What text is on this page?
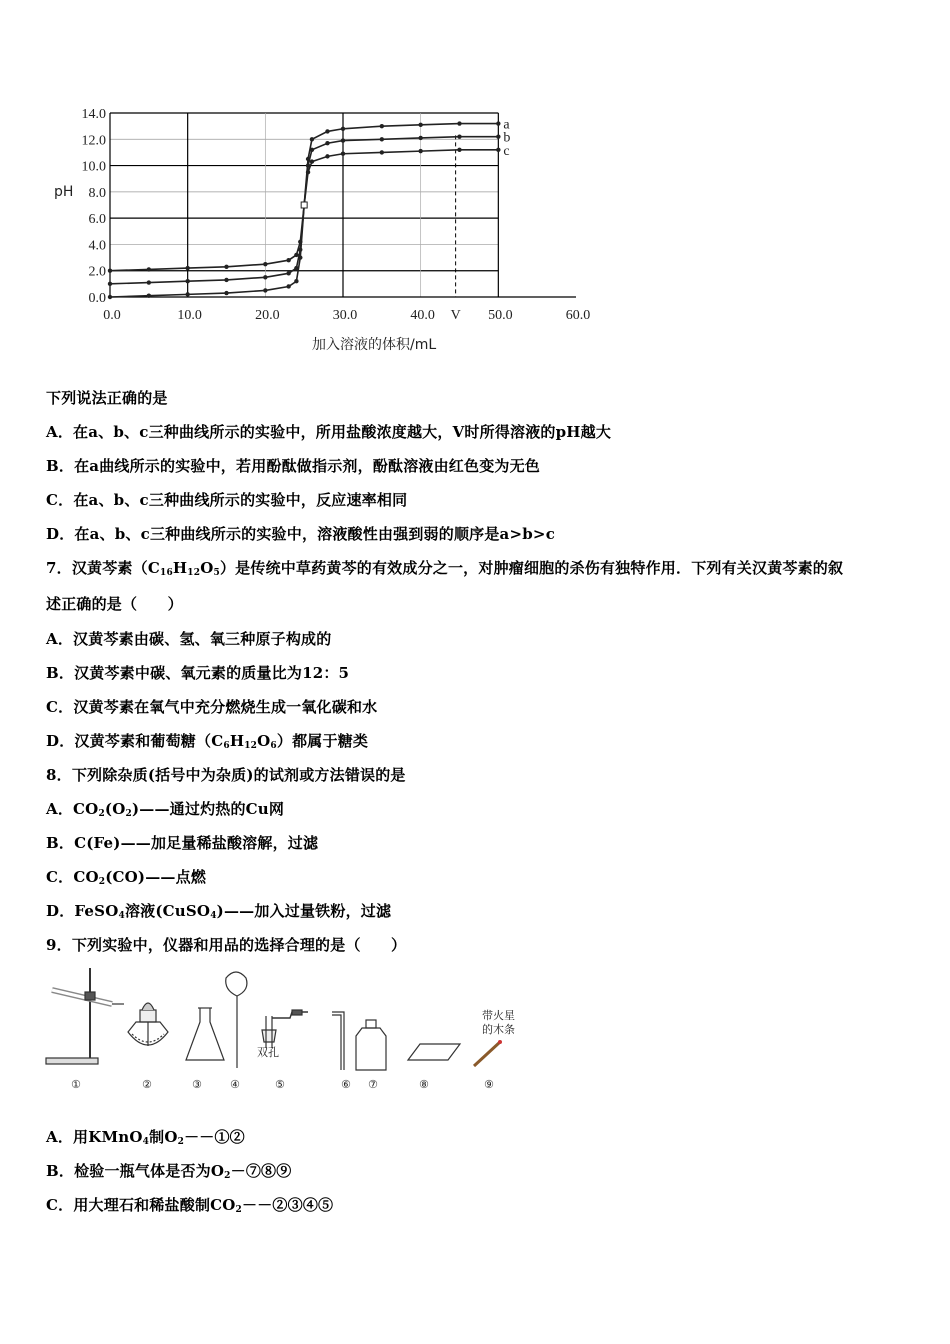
0.0
2.0
4.0
6.0
8.0
10.0
12.0
14.0
0.0	10.0	20.0	30.0	40.0	50.0	60.0
a
b
c
pH
加入溶液的体积/mL
V
下列说法正确的是
A．在a、b、c三种曲线所示的实验中，所用盐酸浓度越大，V时所得溶液的pH越大
B．在a曲线所示的实验中，若用酚酞做指示剂，酚酞溶液由红色变为无色
C．在a、b、c三种曲线所示的实验中，反应速率相同
D．在a、b、c三种曲线所示的实验中，溶液酸性由强到弱的顺序是a>b>c
7．汉黄芩素$(C_{16}H_{12}O_5)$是传统中草药黄芩的有效成分之一，对肿瘤细胞的杀伤有独特作用．下列有关汉黄芩素的叙
述正确的是（　　）
A．汉黄芩素由碳、氢、氧三种原子构成的
B．汉黄芩素中碳、氧元素的质量比为12：5
C．汉黄芩素在氧气中充分燃烧生成一氧化碳和水
D．汉黄芩素和葡萄糖$(C_6H_{12}O_6)$都属于糖类
8．下列除杂质(括号中为杂质)的试剂或方法错误的是
A．$CO_2(O_2)——$通过灼热的Cu网
B．C(Fe)——加足量稀盐酸溶解，过滤
C．$CO_2(CO)——$点燃
D．FeSO$_4$溶液(CuSO$_4$)——加入过量铁粉，过滤
9．下列实验中，仪器和用品的选择合理的是（　　）
双孔
带火星
的木条
①	②	③	④	⑤	⑥ ⑦	⑧	⑨
A．用KMnO$_4$制$O_2--①②$
B．检验一瓶气体是否为$O_2-⑦⑧⑨$
C．用大理石和稀盐酸制$CO_2--②③④⑤$
